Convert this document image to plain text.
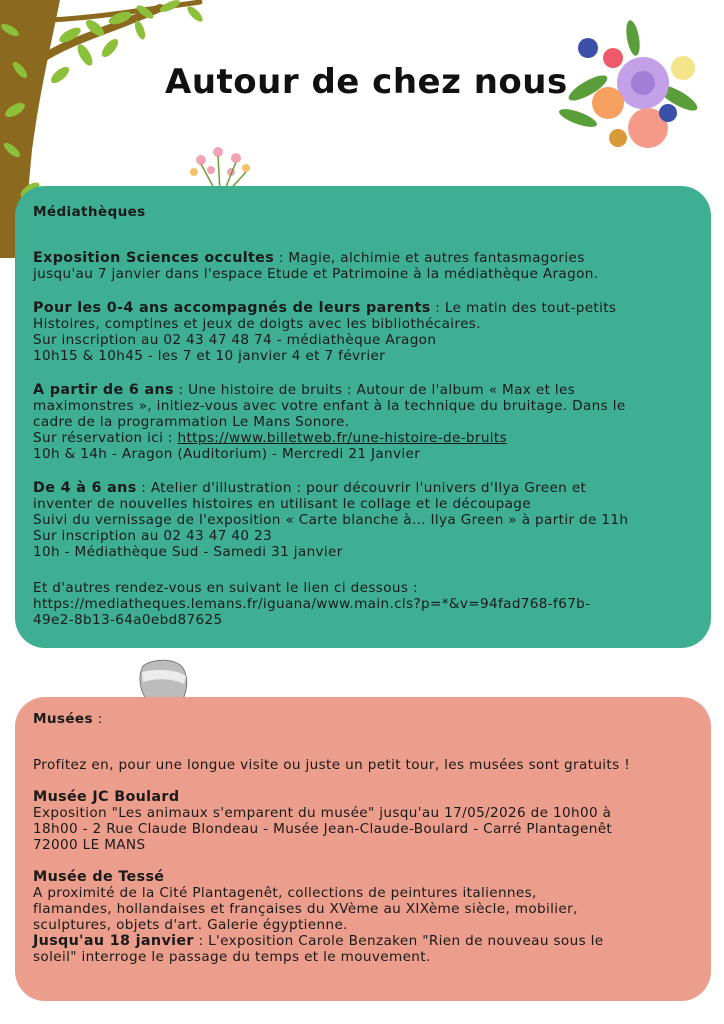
Autour de chez nous
Médiathèques

Exposition Sciences occultes : Magie, alchimie et autres fantasmagories

jusqu'au 7 janvier dans l'espace Etude et Patrimoine à la médiathèque Aragon.

Pour les 0-4 ans accompagnés de leurs parents : Le matin des tout-petits

Histoires, comptines et jeux de doigts avec les bibliothécaires.

Sur inscription au 02 43 47 48 74 - médiathèque Aragon

10h15 & 10h45 - les 7 et 10 janvier 4 et 7 février

A partir de 6 ans : Une histoire de bruits : Autour de l'album « Max et les

maximonstres », initiez-vous avec votre enfant à la technique du bruitage. Dans le

cadre de la programmation Le Mans Sonore.

Sur réservation ici : https://www.billetweb.fr/une-histoire-de-bruits

10h & 14h - Aragon (Auditorium) - Mercredi 21 Janvier

De 4 à 6 ans : Atelier d'illustration : pour découvrir l'univers d'Ilya Green et

inventer de nouvelles histoires en utilisant le collage et le découpage

Suivi du vernissage de l'exposition « Carte blanche à… Ilya Green » à partir de 11h

Sur inscription au 02 43 47 40 23

10h - Médiathèque Sud - Samedi 31 janvier

Et d'autres rendez-vous en suivant le lien ci dessous :

https://mediatheques.lemans.fr/iguana/www.main.cls?p=*&v=94fad768-f67b-

49e2-8b13-64a0ebd87625

Musées :

Profitez en, pour une longue visite ou juste un petit tour, les musées sont gratuits !

Musée JC Boulard

Exposition "Les animaux s'emparent du musée" jusqu'au 17/05/2026 de 10h00 à

18h00 - 2 Rue Claude Blondeau - Musée Jean-Claude-Boulard - Carré Plantagenêt

72000 LE MANS

Musée de Tessé

A proximité de la Cité Plantagenêt, collections de peintures italiennes,

flamandes, hollandaises et françaises du XVème au XIXème siècle, mobilier,

sculptures, objets d'art. Galerie égyptienne.

Jusqu'au 18 janvier : L'exposition Carole Benzaken "Rien de nouveau sous le

soleil" interroge le passage du temps et le mouvement.
